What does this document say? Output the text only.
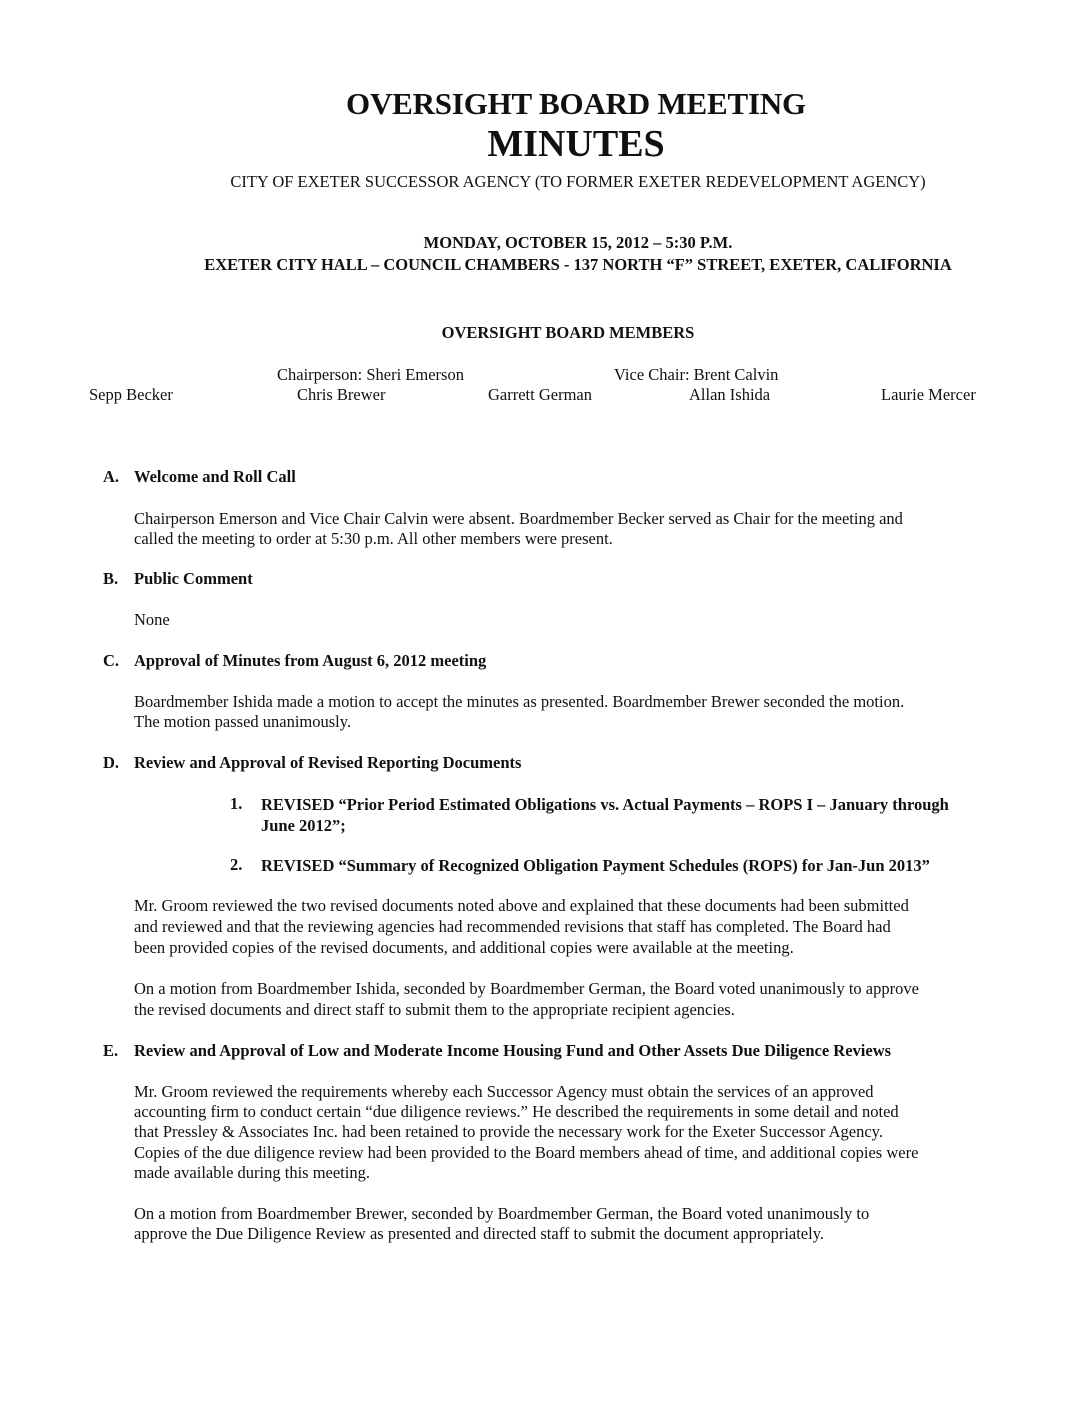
OVERSIGHT BOARD MEETING
MINUTES
CITY OF EXETER SUCCESSOR AGENCY (TO FORMER EXETER REDEVELOPMENT AGENCY)
MONDAY, OCTOBER 15, 2012 – 5:30 P.M.
EXETER CITY HALL – COUNCIL CHAMBERS - 137 NORTH “F” STREET, EXETER, CALIFORNIA
OVERSIGHT BOARD MEMBERS
Chairperson: Sheri Emerson	Vice Chair: Brent Calvin
Sepp Becker	Chris Brewer	Garrett German	Allan Ishida	Laurie Mercer
A. Welcome and Roll Call
Chairperson Emerson and Vice Chair Calvin were absent. Boardmember Becker served as Chair for the meeting and
called the meeting to order at 5:30 p.m. All other members were present.
B. Public Comment
None
C. Approval of Minutes from August 6, 2012 meeting
Boardmember Ishida made a motion to accept the minutes as presented. Boardmember Brewer seconded the motion.
The motion passed unanimously.
D. Review and Approval of Revised Reporting Documents
1. REVISED “Prior Period Estimated Obligations vs. Actual Payments – ROPS I – January through June 2012”;
2. REVISED “Summary of Recognized Obligation Payment Schedules (ROPS) for Jan-Jun 2013”
Mr. Groom reviewed the two revised documents noted above and explained that these documents had been submitted
and reviewed and that the reviewing agencies had recommended revisions that staff has completed. The Board had
been provided copies of the revised documents, and additional copies were available at the meeting.
On a motion from Boardmember Ishida, seconded by Boardmember German, the Board voted unanimously to approve
the revised documents and direct staff to submit them to the appropriate recipient agencies.
E. Review and Approval of Low and Moderate Income Housing Fund and Other Assets Due Diligence Reviews
Mr. Groom reviewed the requirements whereby each Successor Agency must obtain the services of an approved
accounting firm to conduct certain “due diligence reviews.” He described the requirements in some detail and noted
that Pressley & Associates Inc. had been retained to provide the necessary work for the Exeter Successor Agency.
Copies of the due diligence review had been provided to the Board members ahead of time, and additional copies were
made available during this meeting.
On a motion from Boardmember Brewer, seconded by Boardmember German, the Board voted unanimously to
approve the Due Diligence Review as presented and directed staff to submit the document appropriately.
